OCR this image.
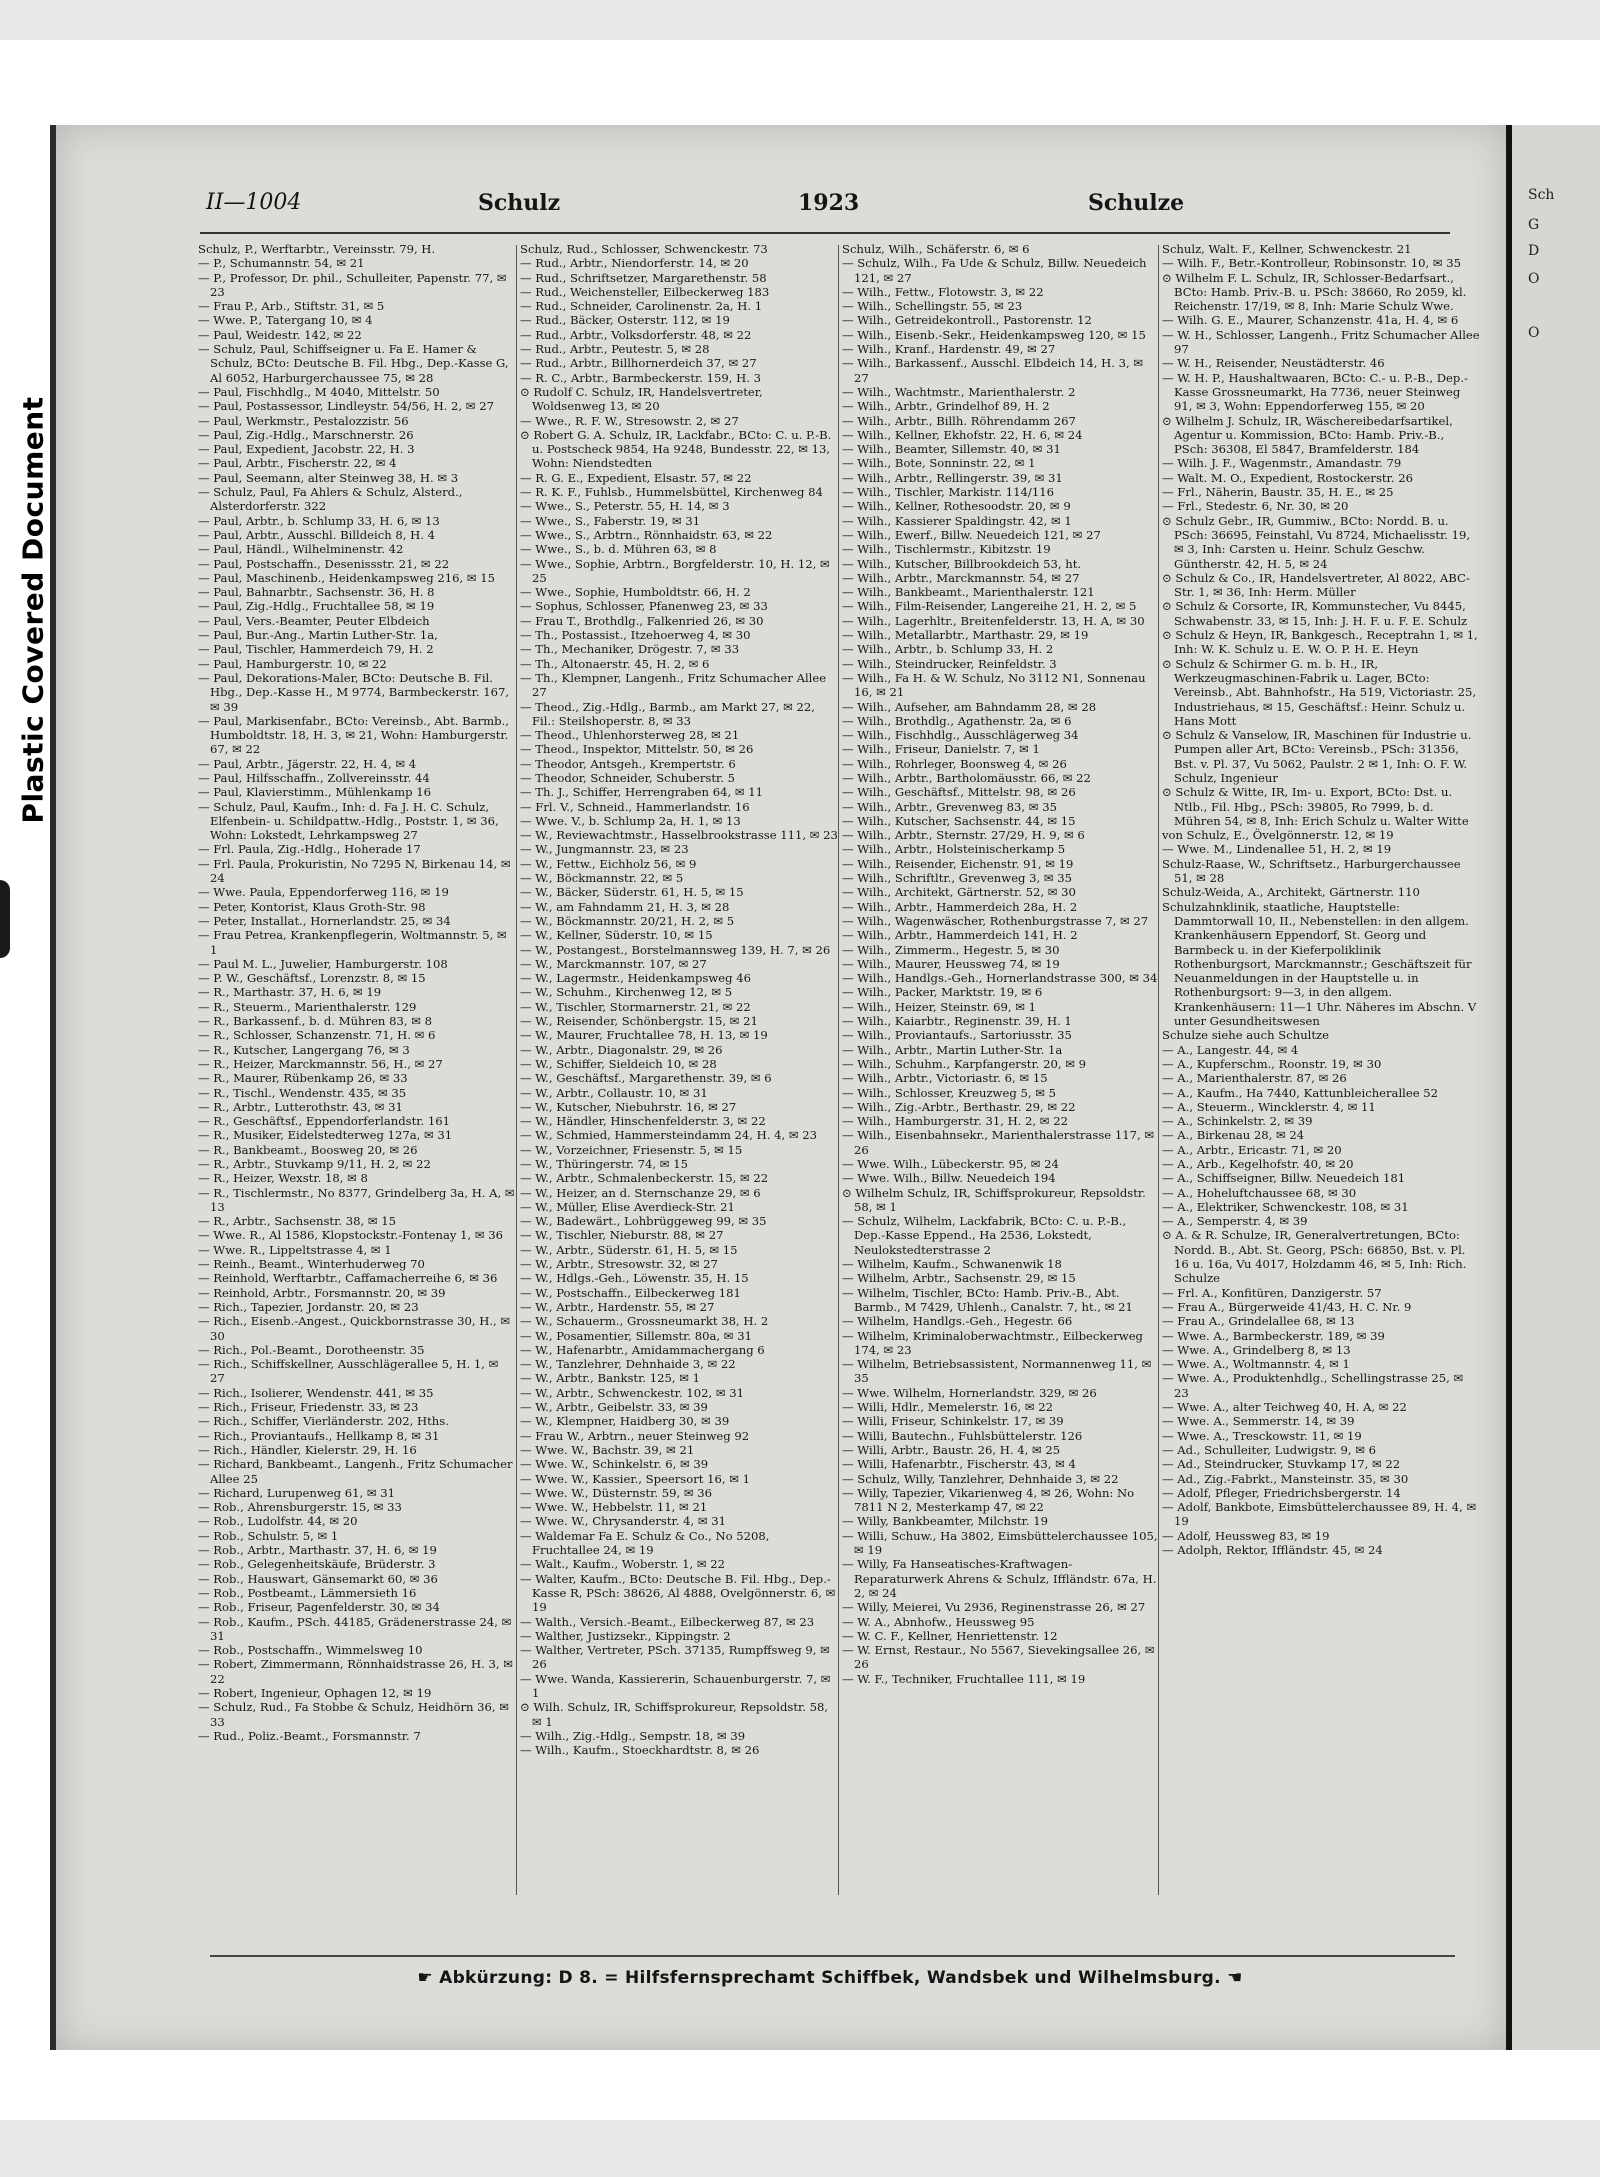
Plastic Covered Document
Sch
G
D
O
O
II—1004	Schulz	1923	Schulze

Schulz, P., Werftarbtr., Vereinsstr. 79, H.

— P., Schumannstr. 54, ✉ 21

— P., Professor, Dr. phil., Schulleiter, Papenstr. 77, ✉ 23

— Frau P., Arb., Stiftstr. 31, ✉ 5

— Wwe. P., Tatergang 10, ✉ 4

— Paul, Weidestr. 142, ✉ 22

— Schulz, Paul, Schiffseigner u. Fa E. Hamer & Schulz, BCto: Deutsche B. Fil. Hbg., Dep.-Kasse G, Al 6052, Harburgerchaussee 75, ✉ 28

— Paul, Fischhdlg., M 4040, Mittelstr. 50

— Paul, Postassessor, Lindleystr. 54/56, H. 2, ✉ 27

— Paul, Werkmstr., Pestalozzistr. 56

— Paul, Zig.-Hdlg., Marschnerstr. 26

— Paul, Expedient, Jacobstr. 22, H. 3

— Paul, Arbtr., Fischerstr. 22, ✉ 4

— Paul, Seemann, alter Steinweg 38, H. ✉ 3

— Schulz, Paul, Fa Ahlers & Schulz, Alsterd., Alsterdorferstr. 322

— Paul, Arbtr., b. Schlump 33, H. 6, ✉ 13

— Paul, Arbtr., Ausschl. Billdeich 8, H. 4

— Paul, Händl., Wilhelminenstr. 42

— Paul, Postschaffn., Desenissstr. 21, ✉ 22

— Paul, Maschinenb., Heidenkampsweg 216, ✉ 15

— Paul, Bahnarbtr., Sachsenstr. 36, H. 8

— Paul, Zig.-Hdlg., Fruchtallee 58, ✉ 19

— Paul, Vers.-Beamter, Peuter Elbdeich

— Paul, Bur.-Ang., Martin Luther-Str. 1a,

— Paul, Tischler, Hammerdeich 79, H. 2

— Paul, Hamburgerstr. 10, ✉ 22

— Paul, Dekorations-Maler, BCto: Deutsche B. Fil. Hbg., Dep.-Kasse H., M 9774, Barmbeckerstr. 167, ✉ 39

— Paul, Markisenfabr., BCto: Vereinsb., Abt. Barmb., Humboldtstr. 18, H. 3, ✉ 21, Wohn: Hamburgerstr. 67, ✉ 22

— Paul, Arbtr., Jägerstr. 22, H. 4, ✉ 4

— Paul, Hilfsschaffn., Zollvereinsstr. 44

— Paul, Klavierstimm., Mühlenkamp 16

— Schulz, Paul, Kaufm., Inh: d. Fa J. H. C. Schulz, Elfenbein- u. Schildpattw.-Hdlg., Poststr. 1, ✉ 36, Wohn: Lokstedt, Lehrkampsweg 27

— Frl. Paula, Zig.-Hdlg., Hoherade 17

— Frl. Paula, Prokuristin, No 7295 N, Birkenau 14, ✉ 24

— Wwe. Paula, Eppendorferweg 116, ✉ 19

— Peter, Kontorist, Klaus Groth-Str. 98

— Peter, Installat., Hornerlandstr. 25, ✉ 34

— Frau Petrea, Krankenpflegerin, Woltmannstr. 5, ✉ 1

— Paul M. L., Juwelier, Hamburgerstr. 108

— P. W., Geschäftsf., Lorenzstr. 8, ✉ 15

— R., Marthastr. 37, H. 6, ✉ 19

— R., Steuerm., Marienthalerstr. 129

— R., Barkassenf., b. d. Mühren 83, ✉ 8

— R., Schlosser, Schanzenstr. 71, H. ✉ 6

— R., Kutscher, Langergang 76, ✉ 3

— R., Heizer, Marckmannstr. 56, H., ✉ 27

— R., Maurer, Rübenkamp 26, ✉ 33

— R., Tischl., Wendenstr. 435, ✉ 35

— R., Arbtr., Lutterothstr. 43, ✉ 31

— R., Geschäftsf., Eppendorferlandstr. 161

— R., Musiker, Eidelstedterweg 127a, ✉ 31

— R., Bankbeamt., Boosweg 20, ✉ 26

— R., Arbtr., Stuvkamp 9/11, H. 2, ✉ 22

— R., Heizer, Wexstr. 18, ✉ 8

— R., Tischlermstr., No 8377, Grindelberg 3a, H. A, ✉ 13

— R., Arbtr., Sachsenstr. 38, ✉ 15

— Wwe. R., Al 1586, Klopstockstr.-Fontenay 1, ✉ 36

— Wwe. R., Lippeltstrasse 4, ✉ 1

— Reinh., Beamt., Winterhuderweg 70

— Reinhold, Werftarbtr., Caffamacherreihe 6, ✉ 36

— Reinhold, Arbtr., Forsmannstr. 20, ✉ 39

— Rich., Tapezier, Jordanstr. 20, ✉ 23

— Rich., Eisenb.-Angest., Quickbornstrasse 30, H., ✉ 30

— Rich., Pol.-Beamt., Dorotheenstr. 35

— Rich., Schiffskellner, Ausschlägerallee 5, H. 1, ✉ 27

— Rich., Isolierer, Wendenstr. 441, ✉ 35

— Rich., Friseur, Friedenstr. 33, ✉ 23

— Rich., Schiffer, Vierländerstr. 202, Hths.

— Rich., Proviantaufs., Hellkamp 8, ✉ 31

— Rich., Händler, Kielerstr. 29, H. 16

— Richard, Bankbeamt., Langenh., Fritz Schumacher Allee 25

— Richard, Lurupenweg 61, ✉ 31

— Rob., Ahrensburgerstr. 15, ✉ 33

— Rob., Ludolfstr. 44, ✉ 20

— Rob., Schulstr. 5, ✉ 1

— Rob., Arbtr., Marthastr. 37, H. 6, ✉ 19

— Rob., Gelegenheitskäufe, Brüderstr. 3

— Rob., Hauswart, Gänsemarkt 60, ✉ 36

— Rob., Postbeamt., Lämmersieth 16

— Rob., Friseur, Pagenfelderstr. 30, ✉ 34

— Rob., Kaufm., PSch. 44185, Grädenerstrasse 24, ✉ 31

— Rob., Postschaffn., Wimmelsweg 10

— Robert, Zimmermann, Rönnhaidstrasse 26, H. 3, ✉ 22

— Robert, Ingenieur, Ophagen 12, ✉ 19

— Schulz, Rud., Fa Stobbe & Schulz, Heidhörn 36, ✉ 33

— Rud., Poliz.-Beamt., Forsmannstr. 7

Schulz, Rud., Schlosser, Schwenckestr. 73

— Rud., Arbtr., Niendorferstr. 14, ✉ 20

— Rud., Schriftsetzer, Margarethenstr. 58

— Rud., Weichensteller, Eilbeckerweg 183

— Rud., Schneider, Carolinenstr. 2a, H. 1

— Rud., Bäcker, Osterstr. 112, ✉ 19

— Rud., Arbtr., Volksdorferstr. 48, ✉ 22

— Rud., Arbtr., Peutestr. 5, ✉ 28

— Rud., Arbtr., Billhornerdeich 37, ✉ 27

— R. C., Arbtr., Barmbeckerstr. 159, H. 3

⊙ Rudolf C. Schulz, IR, Handelsvertreter, Woldsenweg 13, ✉ 20

— Wwe., R. F. W., Stresowstr. 2, ✉ 27

⊙ Robert G. A. Schulz, IR, Lackfabr., BCto: C. u. P.-B. u. Postscheck 9854, Ha 9248, Bundesstr. 22, ✉ 13, Wohn: Niendstedten

— R. G. E., Expedient, Elsastr. 57, ✉ 22

— R. K. F., Fuhlsb., Hummelsbüttel, Kirchenweg 84

— Wwe., S., Peterstr. 55, H. 14, ✉ 3

— Wwe., S., Faberstr. 19, ✉ 31

— Wwe., S., Arbtrn., Rönnhaidstr. 63, ✉ 22

— Wwe., S., b. d. Mühren 63, ✉ 8

— Wwe., Sophie, Arbtrn., Borgfelderstr. 10, H. 12, ✉ 25

— Wwe., Sophie, Humboldtstr. 66, H. 2

— Sophus, Schlosser, Pfanenweg 23, ✉ 33

— Frau T., Brothdlg., Falkenried 26, ✉ 30

— Th., Postassist., Itzehoerweg 4, ✉ 30

— Th., Mechaniker, Drögestr. 7, ✉ 33

— Th., Altonaerstr. 45, H. 2, ✉ 6

— Th., Klempner, Langenh., Fritz Schumacher Allee 27

— Theod., Zig.-Hdlg., Barmb., am Markt 27, ✉ 22, Fil.: Steilshoperstr. 8, ✉ 33

— Theod., Uhlenhorsterweg 28, ✉ 21

— Theod., Inspektor, Mittelstr. 50, ✉ 26

— Theodor, Antsgeh., Krempertstr. 6

— Theodor, Schneider, Schuberstr. 5

— Th. J., Schiffer, Herrengraben 64, ✉ 11

— Frl. V., Schneid., Hammerlandstr. 16

— Wwe. V., b. Schlump 2a, H. 1, ✉ 13

— W., Reviewachtmstr., Hasselbrookstrasse 111, ✉ 23

— W., Jungmannstr. 23, ✉ 23

— W., Fettw., Eichholz 56, ✉ 9

— W., Böckmannstr. 22, ✉ 5

— W., Bäcker, Süderstr. 61, H. 5, ✉ 15

— W., am Fahndamm 21, H. 3, ✉ 28

— W., Böckmannstr. 20/21, H. 2, ✉ 5

— W., Kellner, Süderstr. 10, ✉ 15

— W., Postangest., Borstelmannsweg 139, H. 7, ✉ 26

— W., Marckmannstr. 107, ✉ 27

— W., Lagermstr., Heidenkampsweg 46

— W., Schuhm., Kirchenweg 12, ✉ 5

— W., Tischler, Stormarnerstr. 21, ✉ 22

— W., Reisender, Schönbergstr. 15, ✉ 21

— W., Maurer, Fruchtallee 78, H. 13, ✉ 19

— W., Arbtr., Diagonalstr. 29, ✉ 26

— W., Schiffer, Sieldeich 10, ✉ 28

— W., Geschäftsf., Margarethenstr. 39, ✉ 6

— W., Arbtr., Collaustr. 10, ✉ 31

— W., Kutscher, Niebuhrstr. 16, ✉ 27

— W., Händler, Hinschenfelderstr. 3, ✉ 22

— W., Schmied, Hammersteindamm 24, H. 4, ✉ 23

— W., Vorzeichner, Friesenstr. 5, ✉ 15

— W., Thüringerstr. 74, ✉ 15

— W., Arbtr., Schmalenbeckerstr. 15, ✉ 22

— W., Heizer, an d. Sternschanze 29, ✉ 6

— W., Müller, Elise Averdieck-Str. 21

— W., Badewärt., Lohbrüggeweg 99, ✉ 35

— W., Tischler, Nieburstr. 88, ✉ 27

— W., Arbtr., Süderstr. 61, H. 5, ✉ 15

— W., Arbtr., Stresowstr. 32, ✉ 27

— W., Hdlgs.-Geh., Löwenstr. 35, H. 15

— W., Postschaffn., Eilbeckerweg 181

— W., Arbtr., Hardenstr. 55, ✉ 27

— W., Schauerm., Grossneumarkt 38, H. 2

— W., Posamentier, Sillemstr. 80a, ✉ 31

— W., Hafenarbtr., Amidammachergang 6

— W., Tanzlehrer, Dehnhaide 3, ✉ 22

— W., Arbtr., Bankstr. 125, ✉ 1

— W., Arbtr., Schwenckestr. 102, ✉ 31

— W., Arbtr., Geibelstr. 33, ✉ 39

— W., Klempner, Haidberg 30, ✉ 39

— Frau W., Arbtrn., neuer Steinweg 92

— Wwe. W., Bachstr. 39, ✉ 21

— Wwe. W., Schinkelstr. 6, ✉ 39

— Wwe. W., Kassier., Speersort 16, ✉ 1

— Wwe. W., Düsternstr. 59, ✉ 36

— Wwe. W., Hebbelstr. 11, ✉ 21

— Wwe. W., Chrysanderstr. 4, ✉ 31

— Waldemar Fa E. Schulz & Co., No 5208, Fruchtallee 24, ✉ 19

— Walt., Kaufm., Woberstr. 1, ✉ 22

— Walter, Kaufm., BCto: Deutsche B. Fil. Hbg., Dep.-Kasse R, PSch: 38626, Al 4888, Ovelgönnerstr. 6, ✉ 19

— Walth., Versich.-Beamt., Eilbeckerweg 87, ✉ 23

— Walther, Justizsekr., Kippingstr. 2

— Walther, Vertreter, PSch. 37135, Rumpffsweg 9, ✉ 26

— Wwe. Wanda, Kassiererin, Schauenburgerstr. 7, ✉ 1

⊙ Wilh. Schulz, IR, Schiffsprokureur, Repsoldstr. 58, ✉ 1

— Wilh., Zig.-Hdlg., Sempstr. 18, ✉ 39

— Wilh., Kaufm., Stoeckhardtstr. 8, ✉ 26

Schulz, Wilh., Schäferstr. 6, ✉ 6

— Schulz, Wilh., Fa Ude & Schulz, Billw. Neuedeich 121, ✉ 27

— Wilh., Fettw., Flotowstr. 3, ✉ 22

— Wilh., Schellingstr. 55, ✉ 23

— Wilh., Getreidekontroll., Pastorenstr. 12

— Wilh., Eisenb.-Sekr., Heidenkampsweg 120, ✉ 15

— Wilh., Kranf., Hardenstr. 49, ✉ 27

— Wilh., Barkassenf., Ausschl. Elbdeich 14, H. 3, ✉ 27

— Wilh., Wachtmstr., Marienthalerstr. 2

— Wilh., Arbtr., Grindelhof 89, H. 2

— Wilh., Arbtr., Billh. Röhrendamm 267

— Wilh., Kellner, Ekhofstr. 22, H. 6, ✉ 24

— Wilh., Beamter, Sillemstr. 40, ✉ 31

— Wilh., Bote, Sonninstr. 22, ✉ 1

— Wilh., Arbtr., Rellingerstr. 39, ✉ 31

— Wilh., Tischler, Markistr. 114/116

— Wilh., Kellner, Rothesoodstr. 20, ✉ 9

— Wilh., Kassierer Spaldingstr. 42, ✉ 1

— Wilh., Ewerf., Billw. Neuedeich 121, ✉ 27

— Wilh., Tischlermstr., Kibitzstr. 19

— Wilh., Kutscher, Billbrookdeich 53, ht.

— Wilh., Arbtr., Marckmannstr. 54, ✉ 27

— Wilh., Bankbeamt., Marienthalerstr. 121

— Wilh., Film-Reisender, Langereihe 21, H. 2, ✉ 5

— Wilh., Lagerhltr., Breitenfelderstr. 13, H. A, ✉ 30

— Wilh., Metallarbtr., Marthastr. 29, ✉ 19

— Wilh., Arbtr., b. Schlump 33, H. 2

— Wilh., Steindrucker, Reinfeldstr. 3

— Wilh., Fa H. & W. Schulz, No 3112 N1, Sonnenau 16, ✉ 21

— Wilh., Aufseher, am Bahndamm 28, ✉ 28

— Wilh., Brothdlg., Agathenstr. 2a, ✉ 6

— Wilh., Fischhdlg., Ausschlägerweg 34

— Wilh., Friseur, Danielstr. 7, ✉ 1

— Wilh., Rohrleger, Boonsweg 4, ✉ 26

— Wilh., Arbtr., Bartholomäusstr. 66, ✉ 22

— Wilh., Geschäftsf., Mittelstr. 98, ✉ 26

— Wilh., Arbtr., Grevenweg 83, ✉ 35

— Wilh., Kutscher, Sachsenstr. 44, ✉ 15

— Wilh., Arbtr., Sternstr. 27/29, H. 9, ✉ 6

— Wilh., Arbtr., Holsteinischerkamp 5

— Wilh., Reisender, Eichenstr. 91, ✉ 19

— Wilh., Schriftltr., Grevenweg 3, ✉ 35

— Wilh., Architekt, Gärtnerstr. 52, ✉ 30

— Wilh., Arbtr., Hammerdeich 28a, H. 2

— Wilh., Wagenwäscher, Rothenburgstrasse 7, ✉ 27

— Wilh., Arbtr., Hammerdeich 141, H. 2

— Wilh., Zimmerm., Hegestr. 5, ✉ 30

— Wilh., Maurer, Heussweg 74, ✉ 19

— Wilh., Handlgs.-Geh., Hornerlandstrasse 300, ✉ 34

— Wilh., Packer, Marktstr. 19, ✉ 6

— Wilh., Heizer, Steinstr. 69, ✉ 1

— Wilh., Kaiarbtr., Reginenstr. 39, H. 1

— Wilh., Proviantaufs., Sartoriusstr. 35

— Wilh., Arbtr., Martin Luther-Str. 1a

— Wilh., Schuhm., Karpfangerstr. 20, ✉ 9

— Wilh., Arbtr., Victoriastr. 6, ✉ 15

— Wilh., Schlosser, Kreuzweg 5, ✉ 5

— Wilh., Zig.-Arbtr., Berthastr. 29, ✉ 22

— Wilh., Hamburgerstr. 31, H. 2, ✉ 22

— Wilh., Eisenbahnsekr., Marienthalerstrasse 117, ✉ 26

— Wwe. Wilh., Lübeckerstr. 95, ✉ 24

— Wwe. Wilh., Billw. Neuedeich 194

⊙ Wilhelm Schulz, IR, Schiffsprokureur, Repsoldstr. 58, ✉ 1

— Schulz, Wilhelm, Lackfabrik, BCto: C. u. P.-B., Dep.-Kasse Eppend., Ha 2536, Lokstedt, Neulokstedterstrasse 2

— Wilhelm, Kaufm., Schwanenwik 18

— Wilhelm, Arbtr., Sachsenstr. 29, ✉ 15

— Wilhelm, Tischler, BCto: Hamb. Priv.-B., Abt. Barmb., M 7429, Uhlenh., Canalstr. 7, ht., ✉ 21

— Wilhelm, Handlgs.-Geh., Hegestr. 66

— Wilhelm, Kriminaloberwachtmstr., Eilbeckerweg 174, ✉ 23

— Wilhelm, Betriebsassistent, Normannenweg 11, ✉ 35

— Wwe. Wilhelm, Hornerlandstr. 329, ✉ 26

— Willi, Hdlr., Memelerstr. 16, ✉ 22

— Willi, Friseur, Schinkelstr. 17, ✉ 39

— Willi, Bautechn., Fuhlsbüttelerstr. 126

— Willi, Arbtr., Baustr. 26, H. 4, ✉ 25

— Willi, Hafenarbtr., Fischerstr. 43, ✉ 4

— Schulz, Willy, Tanzlehrer, Dehnhaide 3, ✉ 22

— Willy, Tapezier, Vikarienweg 4, ✉ 26, Wohn: No 7811 N 2, Mesterkamp 47, ✉ 22

— Willy, Bankbeamter, Milchstr. 19

— Willi, Schuw., Ha 3802, Eimsbüttelerchaussee 105, ✉ 19

— Willy, Fa Hanseatisches-Kraftwagen-Reparaturwerk Ahrens & Schulz, Iffländstr. 67a, H. 2, ✉ 24

— Willy, Meierei, Vu 2936, Reginenstrasse 26, ✉ 27

— W. A., Abnhofw., Heussweg 95

— W. C. F., Kellner, Henriettenstr. 12

— W. Ernst, Restaur., No 5567, Sievekingsallee 26, ✉ 26

— W. F., Techniker, Fruchtallee 111, ✉ 19

Schulz, Walt. F., Kellner, Schwenckestr. 21

— Wilh. F., Betr.-Kontrolleur, Robinsonstr. 10, ✉ 35

⊙ Wilhelm F. L. Schulz, IR, Schlosser-Bedarfsart., BCto: Hamb. Priv.-B. u. PSch: 38660, Ro 2059, kl. Reichenstr. 17/19, ✉ 8, Inh: Marie Schulz Wwe.

— Wilh. G. E., Maurer, Schanzenstr. 41a, H. 4, ✉ 6

— W. H., Schlosser, Langenh., Fritz Schumacher Allee 97

— W. H., Reisender, Neustädterstr. 46

— W. H. P., Haushaltwaaren, BCto: C.- u. P.-B., Dep.-Kasse Grossneumarkt, Ha 7736, neuer Steinweg 91, ✉ 3, Wohn: Eppendorferweg 155, ✉ 20

⊙ Wilhelm J. Schulz, IR, Wäschereibedarfsartikel, Agentur u. Kommission, BCto: Hamb. Priv.-B., PSch: 36308, El 5847, Bramfelderstr. 184

— Wilh. J. F., Wagenmstr., Amandastr. 79

— Walt. M. O., Expedient, Rostockerstr. 26

— Frl., Näherin, Baustr. 35, H. E., ✉ 25

— Frl., Stedestr. 6, Nr. 30, ✉ 20

⊙ Schulz Gebr., IR, Gummiw., BCto: Nordd. B. u. PSch: 36695, Feinstahl, Vu 8724, Michaelisstr. 19, ✉ 3, Inh: Carsten u. Heinr. Schulz Geschw. Güntherstr. 42, H. 5, ✉ 24

⊙ Schulz & Co., IR, Handelsvertreter, Al 8022, ABC-Str. 1, ✉ 36, Inh: Herm. Müller

⊙ Schulz & Corsorte, IR, Kommunstecher, Vu 8445, Schwabenstr. 33, ✉ 15, Inh: J. H. F. u. F. E. Schulz

⊙ Schulz & Heyn, IR, Bankgesch., Receptrahn 1, ✉ 1, Inh: W. K. Schulz u. E. W. O. P. H. E. Heyn

⊙ Schulz & Schirmer G. m. b. H., IR, Werkzeugmaschinen-Fabrik u. Lager, BCto: Vereinsb., Abt. Bahnhofstr., Ha 519, Victoriastr. 25, Industriehaus, ✉ 15, Geschäftsf.: Heinr. Schulz u. Hans Mott

⊙ Schulz & Vanselow, IR, Maschinen für Industrie u. Pumpen aller Art, BCto: Vereinsb., PSch: 31356, Bst. v. Pl. 37, Vu 5062, Paulstr. 2 ✉ 1, Inh: O. F. W. Schulz, Ingenieur

⊙ Schulz & Witte, IR, Im- u. Export, BCto: Dst. u. Ntlb., Fil. Hbg., PSch: 39805, Ro 7999, b. d. Mühren 54, ✉ 8, Inh: Erich Schulz u. Walter Witte

von Schulz, E., Övelgönnerstr. 12, ✉ 19

— Wwe. M., Lindenallee 51, H. 2, ✉ 19

Schulz-Raase, W., Schriftsetz., Harburgerchaussee 51, ✉ 28

Schulz-Weida, A., Architekt, Gärtnerstr. 110

Schulzahnklinik, staatliche, Hauptstelle: Dammtorwall 10, II., Nebenstellen: in den allgem. Krankenhäusern Eppendorf, St. Georg und Barmbeck u. in der Kieferpoliklinik Rothenburgsort, Marckmannstr.; Geschäftszeit für Neuanmeldungen in der Hauptstelle u. in Rothenburgsort: 9—3, in den allgem. Krankenhäusern: 11—1 Uhr. Näheres im Abschn. V unter Gesundheitswesen

Schulze siehe auch Schultze

— A., Langestr. 44, ✉ 4

— A., Kupferschm., Roonstr. 19, ✉ 30

— A., Marienthalerstr. 87, ✉ 26

— A., Kaufm., Ha 7440, Kattunbleicherallee 52

— A., Steuerm., Wincklerstr. 4, ✉ 11

— A., Schinkelstr. 2, ✉ 39

— A., Birkenau 28, ✉ 24

— A., Arbtr., Ericastr. 71, ✉ 20

— A., Arb., Kegelhofstr. 40, ✉ 20

— A., Schiffseigner, Billw. Neuedeich 181

— A., Hoheluftchaussee 68, ✉ 30

— A., Elektriker, Schwenckestr. 108, ✉ 31

— A., Semperstr. 4, ✉ 39

⊙ A. & R. Schulze, IR, Generalvertretungen, BCto: Nordd. B., Abt. St. Georg, PSch: 66850, Bst. v. Pl. 16 u. 16a, Vu 4017, Holzdamm 46, ✉ 5, Inh: Rich. Schulze

— Frl. A., Konfitüren, Danzigerstr. 57

— Frau A., Bürgerweide 41/43, H. C. Nr. 9

— Frau A., Grindelallee 68, ✉ 13

— Wwe. A., Barmbeckerstr. 189, ✉ 39

— Wwe. A., Grindelberg 8, ✉ 13

— Wwe. A., Woltmannstr. 4, ✉ 1

— Wwe. A., Produktenhdlg., Schellingstrasse 25, ✉ 23

— Wwe. A., alter Teichweg 40, H. A, ✉ 22

— Wwe. A., Semmerstr. 14, ✉ 39

— Wwe. A., Tresckowstr. 11, ✉ 19

— Ad., Schulleiter, Ludwigstr. 9, ✉ 6

— Ad., Steindrucker, Stuvkamp 17, ✉ 22

— Ad., Zig.-Fabrkt., Mansteinstr. 35, ✉ 30

— Adolf, Pfleger, Friedrichsbergerstr. 14

— Adolf, Bankbote, Eimsbüttelerchaussee 89, H. 4, ✉ 19

— Adolf, Heussweg 83, ✉ 19

— Adolph, Rektor, Iffländstr. 45, ✉ 24

☛ Abkürzung: D 8. = Hilfsfernsprechamt Schiffbek, Wandsbek und Wilhelmsburg. ☚
